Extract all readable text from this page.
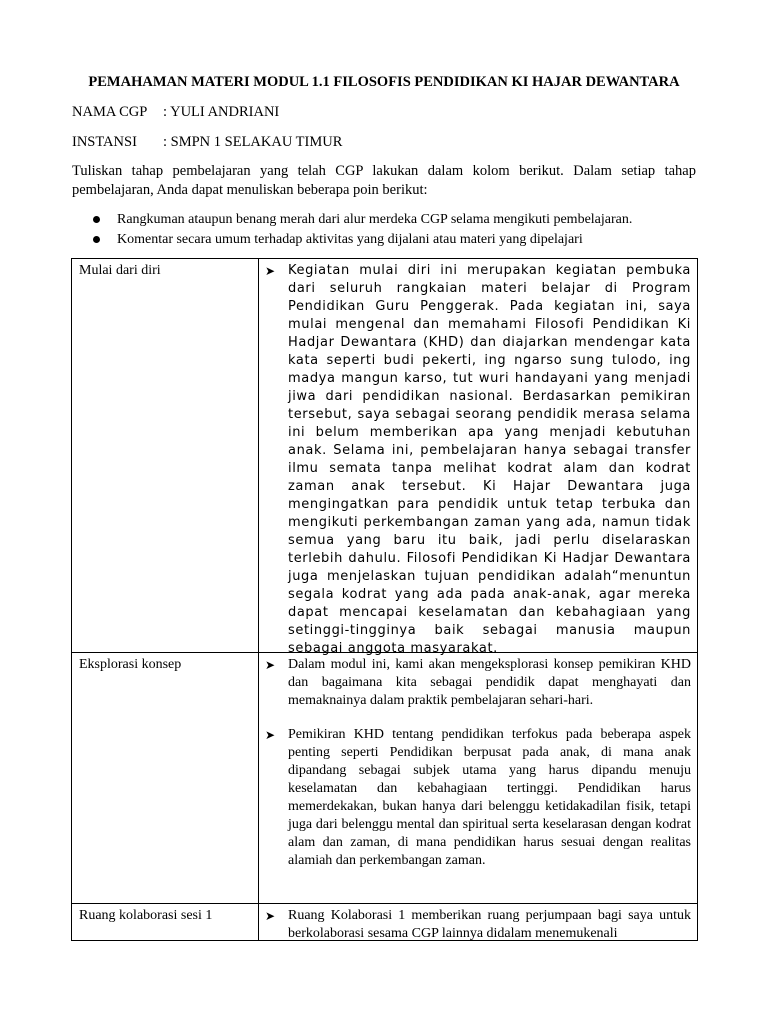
PEMAHAMAN MATERI MODUL 1.1 FILOSOFIS PENDIDIKAN KI HAJAR DEWANTARA
NAMA CGP : YULI ANDRIANI
INSTANSI : SMPN 1 SELAKAU TIMUR
Tuliskan tahap pembelajaran yang telah CGP lakukan dalam kolom berikut. Dalam setiap tahap pembelajaran, Anda dapat menuliskan beberapa poin berikut:
Rangkuman ataupun benang merah dari alur merdeka CGP selama mengikuti pembelajaran.
Komentar secara umum terhadap aktivitas yang dijalani atau materi yang dipelajari
Mulai dari diri	➤ Kegiatan mulai diri ini merupakan kegiatan pembuka dari seluruh rangkaian materi belajar di Program Pendidikan Guru Penggerak. Pada kegiatan ini, saya mulai mengenal dan memahami Filosofi Pendidikan Ki Hadjar Dewantara (KHD) dan diajarkan mendengar kata kata seperti budi pekerti, ing ngarso sung tulodo, ing madya mangun karso, tut wuri handayani yang menjadi jiwa dari pendidikan nasional. Berdasarkan pemikiran tersebut, saya sebagai seorang pendidik merasa selama ini belum memberikan apa yang menjadi kebutuhan anak. Selama ini, pembelajaran hanya sebagai transfer ilmu semata tanpa melihat kodrat alam dan kodrat zaman anak tersebut. Ki Hajar Dewantara juga mengingatkan para pendidik untuk tetap terbuka dan mengikuti perkembangan zaman yang ada, namun tidak semua yang baru itu baik, jadi perlu diselaraskan terlebih dahulu. Filosofi Pendidikan Ki Hadjar Dewantara juga menjelaskan tujuan pendidikan adalah“menuntun segala kodrat yang ada pada anak-anak, agar mereka dapat mencapai keselamatan dan kebahagiaan yang setinggi-tingginya baik sebagai manusia maupun sebagai anggota masyarakat.
Eksplorasi konsep	➤ Dalam modul ini, kami akan mengeksplorasi konsep pemikiran KHD dan bagaimana kita sebagai pendidik dapat menghayati dan memaknainya dalam praktik pembelajaran sehari-hari.
➤ Pemikiran KHD tentang pendidikan terfokus pada beberapa aspek penting seperti Pendidikan berpusat pada anak, di mana anak dipandang sebagai subjek utama yang harus dipandu menuju keselamatan dan kebahagiaan tertinggi. Pendidikan harus memerdekakan, bukan hanya dari belenggu ketidakadilan fisik, tetapi juga dari belenggu mental dan spiritual serta keselarasan dengan kodrat alam dan zaman, di mana pendidikan harus sesuai dengan realitas alamiah dan perkembangan zaman.
Ruang kolaborasi sesi 1	➤ Ruang Kolaborasi 1 memberikan ruang perjumpaan bagi saya untuk berkolaborasi sesama CGP lainnya didalam menemukenali
